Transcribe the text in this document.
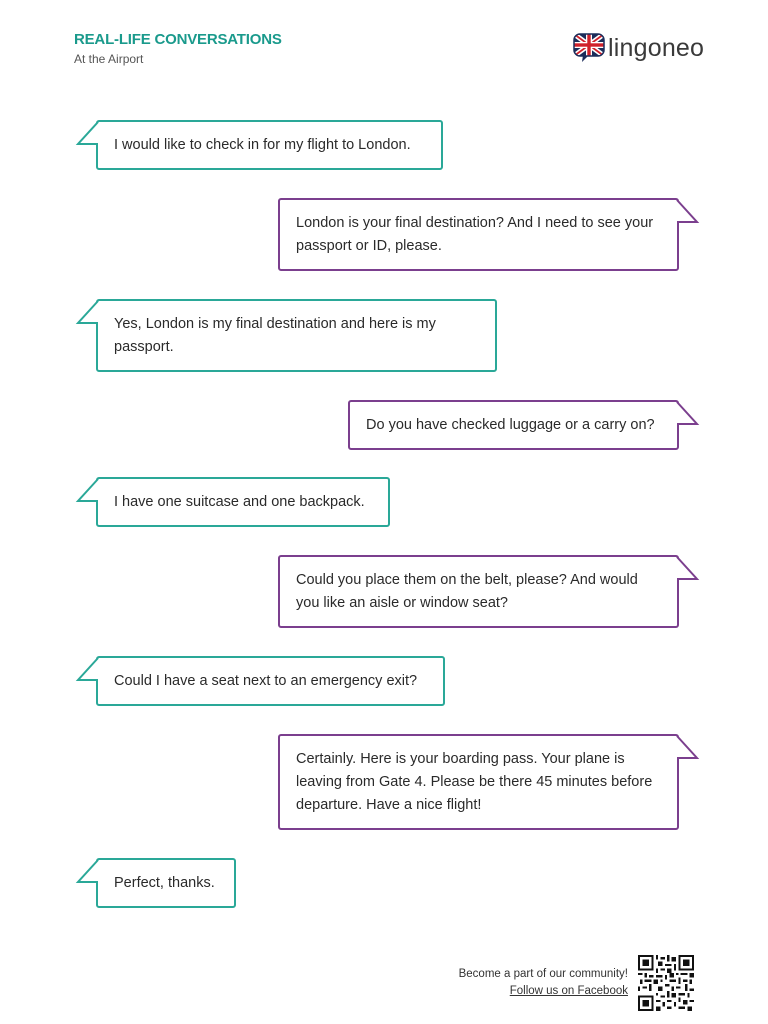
REAL-LIFE CONVERSATIONS
At the Airport	lingoneo
I would like to check in for my flight to London.
London is your final destination? And I need to see your passport or ID, please.
Yes, London is my final destination and here is my passport.
Do you have checked luggage or a carry on?
I have one suitcase and one backpack.
Could you place them on the belt, please? And would you like an aisle or window seat?
Could I have a seat next to an emergency exit?
Certainly. Here is your boarding pass. Your plane is leaving from Gate 4. Please be there 45 minutes before departure. Have a nice flight!
Perfect, thanks.
Become a part of our community!
Follow us on Facebook
